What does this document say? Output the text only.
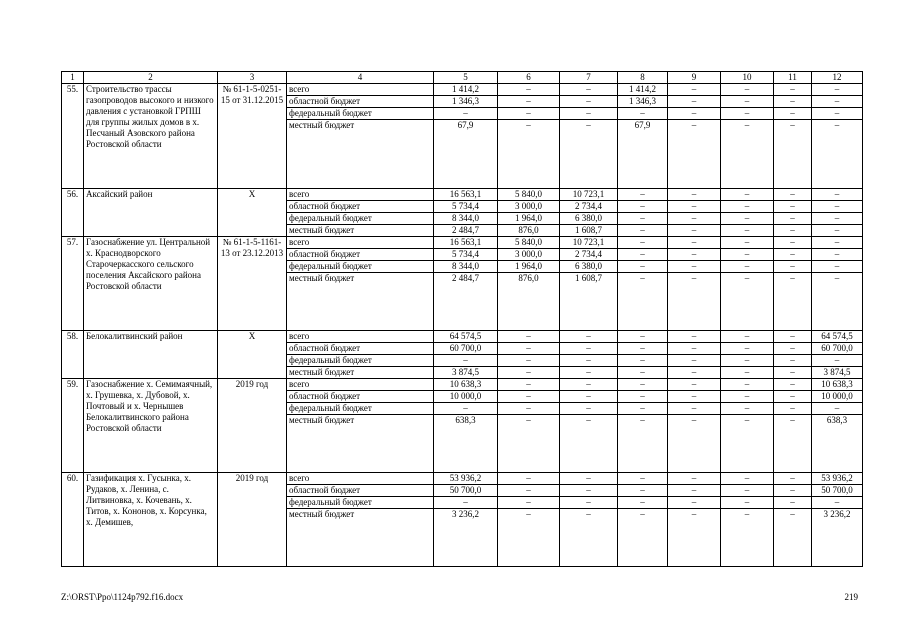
1	2	3	4	5	6	7	8	9	10	11	12
55.	Строительство трассы газопроводов высокого и низкого давления с установкой ГРПШ для группы жилых домов в х. Песчаный Азовского района Ростовской области	№ 61-1-5-0251-15 от 31.12.2015	всего	1 414,2	–	–	1 414,2	–	–	–	–
			областной бюджет	1 346,3	–	–	1 346,3	–	–	–	–
			федеральный бюджет	–	–	–	–	–	–	–	–
			местный бюджет	67,9	–	–	67,9	–	–	–	–
56.	Аксайский район	Х	всего	16 563,1	5 840,0	10 723,1	–	–	–	–	–
			областной бюджет	5 734,4	3 000,0	2 734,4	–	–	–	–	–
			федеральный бюджет	8 344,0	1 964,0	6 380,0	–	–	–	–	–
			местный бюджет	2 484,7	876,0	1 608,7	–	–	–	–	–
57.	Газоснабжение ул. Центральной х. Краснодворского Старочеркасского сельского поселения Аксайского района Ростовской области	№ 61-1-5-1161-13 от 23.12.2013	всего	16 563,1	5 840,0	10 723,1	–	–	–	–	–
			областной бюджет	5 734,4	3 000,0	2 734,4	–	–	–	–	–
			федеральный бюджет	8 344,0	1 964,0	6 380,0	–	–	–	–	–
			местный бюджет	2 484,7	876,0	1 608,7	–	–	–	–	–
58.	Белокалитвинский район	Х	всего	64 574,5	–	–	–	–	–	–	64 574,5
			областной бюджет	60 700,0	–	–	–	–	–	–	60 700,0
			федеральный бюджет	–	–	–	–	–	–	–	–
			местный бюджет	3 874,5	–	–	–	–	–	–	3 874,5
59.	Газоснабжение х. Семимаячный, х. Грушевка, х. Дубовой, х. Почтовый и х. Чернышев Белокалитвинского района Ростовской области	2019 год	всего	10 638,3	–	–	–	–	–	–	10 638,3
			областной бюджет	10 000,0	–	–	–	–	–	–	10 000,0
			федеральный бюджет	–	–	–	–	–	–	–	–
			местный бюджет	638,3	–	–	–	–	–	–	638,3
60.	Газификация х. Гусынка, х. Рудаков, х. Ленина, с. Литвиновка, х. Кочевань, х. Титов, х. Кононов, х. Корсунка, х. Демишев,	2019 год	всего	53 936,2	–	–	–	–	–	–	53 936,2
			областной бюджет	50 700,0	–	–	–	–	–	–	50 700,0
			федеральный бюджет	–	–	–	–	–	–	–	–
			местный бюджет	3 236,2	–	–	–	–	–	–	3 236,2
Z:\ORST\Ppo\1124p792.f16.docx	219
